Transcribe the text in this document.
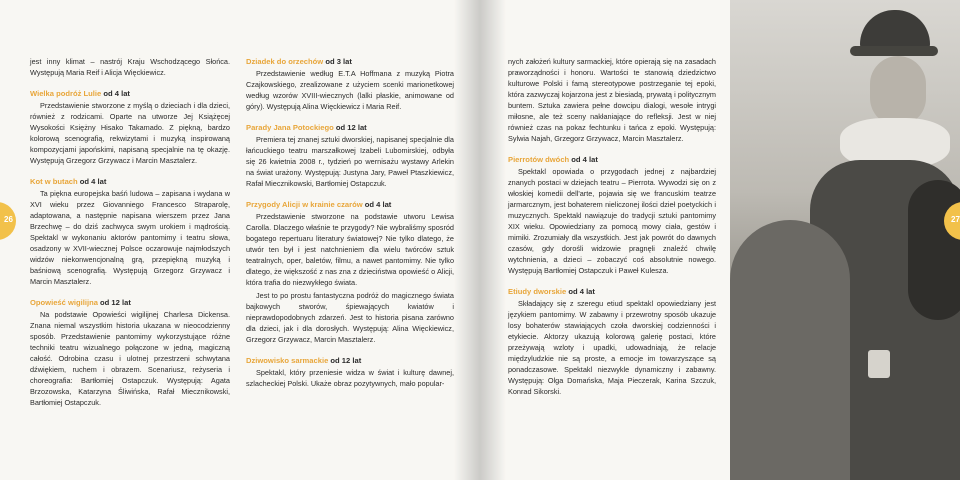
26

jest inny klimat – nastrój Kraju Wschodzącego Słońca. Występują Maria Reif i Alicja Więckiewicz.

Wielka podróż Lulie od 4 lat

Przedstawienie stworzone z myślą o dzieciach i dla dzieci, również z rodzicami. Oparte na utworze Jej Książęcej Wysokości Księżny Hisako Takamado. Z piękną, bardzo kolorową scenografią, rekwizytami i muzyką inspirowaną kompozycjami japońskimi, napisaną specjalnie na tę okazję. Występują Grzegorz Grzywacz i Marcin Masztalerz.

Kot w butach od 4 lat

Ta piękna europejska baśń ludowa – zapisana i wydana w XVI wieku przez Giovanniego Francesco Straparolę, adaptowana, a następnie napisana wierszem przez Jana Brzechwę – do dziś zachwyca swym urokiem i mądrością. Spektakl w wykonaniu aktorów pantomimy i teatru słowa, osadzony w XVII-wiecznej Polsce oczarowuje najmłodszych widzów niekonwencjonalną grą, przepiękną muzyką i baśniową scenografią. Występują Grzegorz Grzywacz i Marcin Masztalerz.

Opowieść wigilijna od 12 lat

Na podstawie Opowieści wigilijnej Charlesa Dickensa. Znana niemal wszystkim historia ukazana w nieocodzienny sposób. Przedstawienie pantomimy wykorzystujące różne techniki teatru wizualnego połączone w jedną, magiczną całość. Odrobina czasu i ulotnej przestrzeni schwytana dźwiękiem, ruchem i obrazem. Scenariusz, reżyseria i choreografia: Bartłomiej Ostapczuk. Występują: Agata Brzozowska, Katarzyna Śliwińska, Rafał Miecznikowski, Bartłomiej Ostapczuk.

Dziadek do orzechów od 3 lat

Przedstawienie według E.T.A Hoffmana z muzyką Piotra Czajkowskiego, zrealizowane z użyciem scenki marionetkowej według wzorów XVIII-wiecznych (lalki płaskie, animowane od góry). Występują Alina Więckiewicz i Maria Reif.

Parady Jana Potockiego od 12 lat

Premiera tej znanej sztuki dworskiej, napisanej specjalnie dla łańcuckiego teatru marszałkowej Izabeli Lubomirskiej, odbyła się 26 kwietnia 2008 r., tydzień po wernisażu wystawy Arlekin na świat urażony. Występują: Justyna Jary, Paweł Ptaszkiewicz, Rafał Miecznikowski, Bartłomiej Ostapczuk.

Przygody Alicji w krainie czarów od 4 lat

Przedstawienie stworzone na podstawie utworu Lewisa Carolla. Dlaczego właśnie te przygody? Nie wybraliśmy sposród bogatego repertuaru literatury światowej? Nie tylko dlatego, że utwór ten był i jest natchnieniem dla wielu twórców sztuk teatralnych, oper, baletów, filmu, a nawet pantomimy. Nie tylko dlatego, że większość z nas zna z dzieciństwa opowieść o Alicji, która trafia do niezwykłego świata.

Jest to po prostu fantastyczna podróż do magicznego świata bajkowych stworów, śpiewających kwiatów i nieprawdopodobnych zdarzeń. Jest to historia pisana zarówno dla dzieci, jak i dla dorosłych. Występują: Alina Więckiewicz, Grzegorz Grzywacz, Marcin Masztalerz.

Dziwowisko sarmackie od 12 lat

Spektakl, który przeniesie widza w świat i kulturę dawnej, szlacheckiej Polski. Ukaże obraz pozytywnych, mało popular-

nych założeń kultury sarmackiej, które opierają się na zasadach praworządności i honoru. Wartości te stanowią dziedzictwo kulturowe Polski i famą stereotypowe postrzeganie tej epoki, która zazwyczaj kojarzona jest z biesiadą, prywatą i politycznym buntem. Sztuka zawiera pełne dowcipu dialogi, wesołe intrygi miłosne, ale też sceny nakłaniające do refleksji. Jest w niej również czas na pokaz fechtunku i tańca z epoki. Występują: Sylwia Najah, Grzegorz Grzywacz, Marcin Masztalerz.

Pierrotów dwóch od 4 lat

Spektakl opowiada o przygodach jednej z najbardziej znanych postaci w dziejach teatru – Pierrota. Wywodzi się on z włoskiej komedii dell'arte, pojawia się we francuskim teatrze jarmarcznym, jest bohaterem nieliczonej ilości dzieł poetyckich i muzycznych. Spektakl nawiązuje do tradycji sztuki pantomimy XIX wieku. Opowiedziany za pomocą mowy ciała, gestów i mimiki. Zrozumiały dla wszystkich. Jest jak powrót do dawnych czasów, gdy dorośli widzowie pragnęli znaleźć chwilę wytchnienia, a dzieci – zobaczyć coś absolutnie nowego. Występują Bartłomiej Ostapczuk i Paweł Kulesza.

Etiudy dworskie od 4 lat

Składający się z szeregu etiud spektakl opowiedziany jest językiem pantomimy. W zabawny i przewrotny sposób ukazuje losy bohaterów stawiających czoła dworskiej codzienności i etykiecie. Aktorzy ukazują kolorową galerię postaci, które przeżywają wzloty i upadki, udowadniają, że relacje międzyludzkie nie są proste, a emocje im towarzyszące są ponadczasowe. Spektakl niezwykle dynamiczny i zabawny. Występują: Olga Domańska, Maja Pieczerak, Karina Szczuk, Konrad Sikorski.

27
